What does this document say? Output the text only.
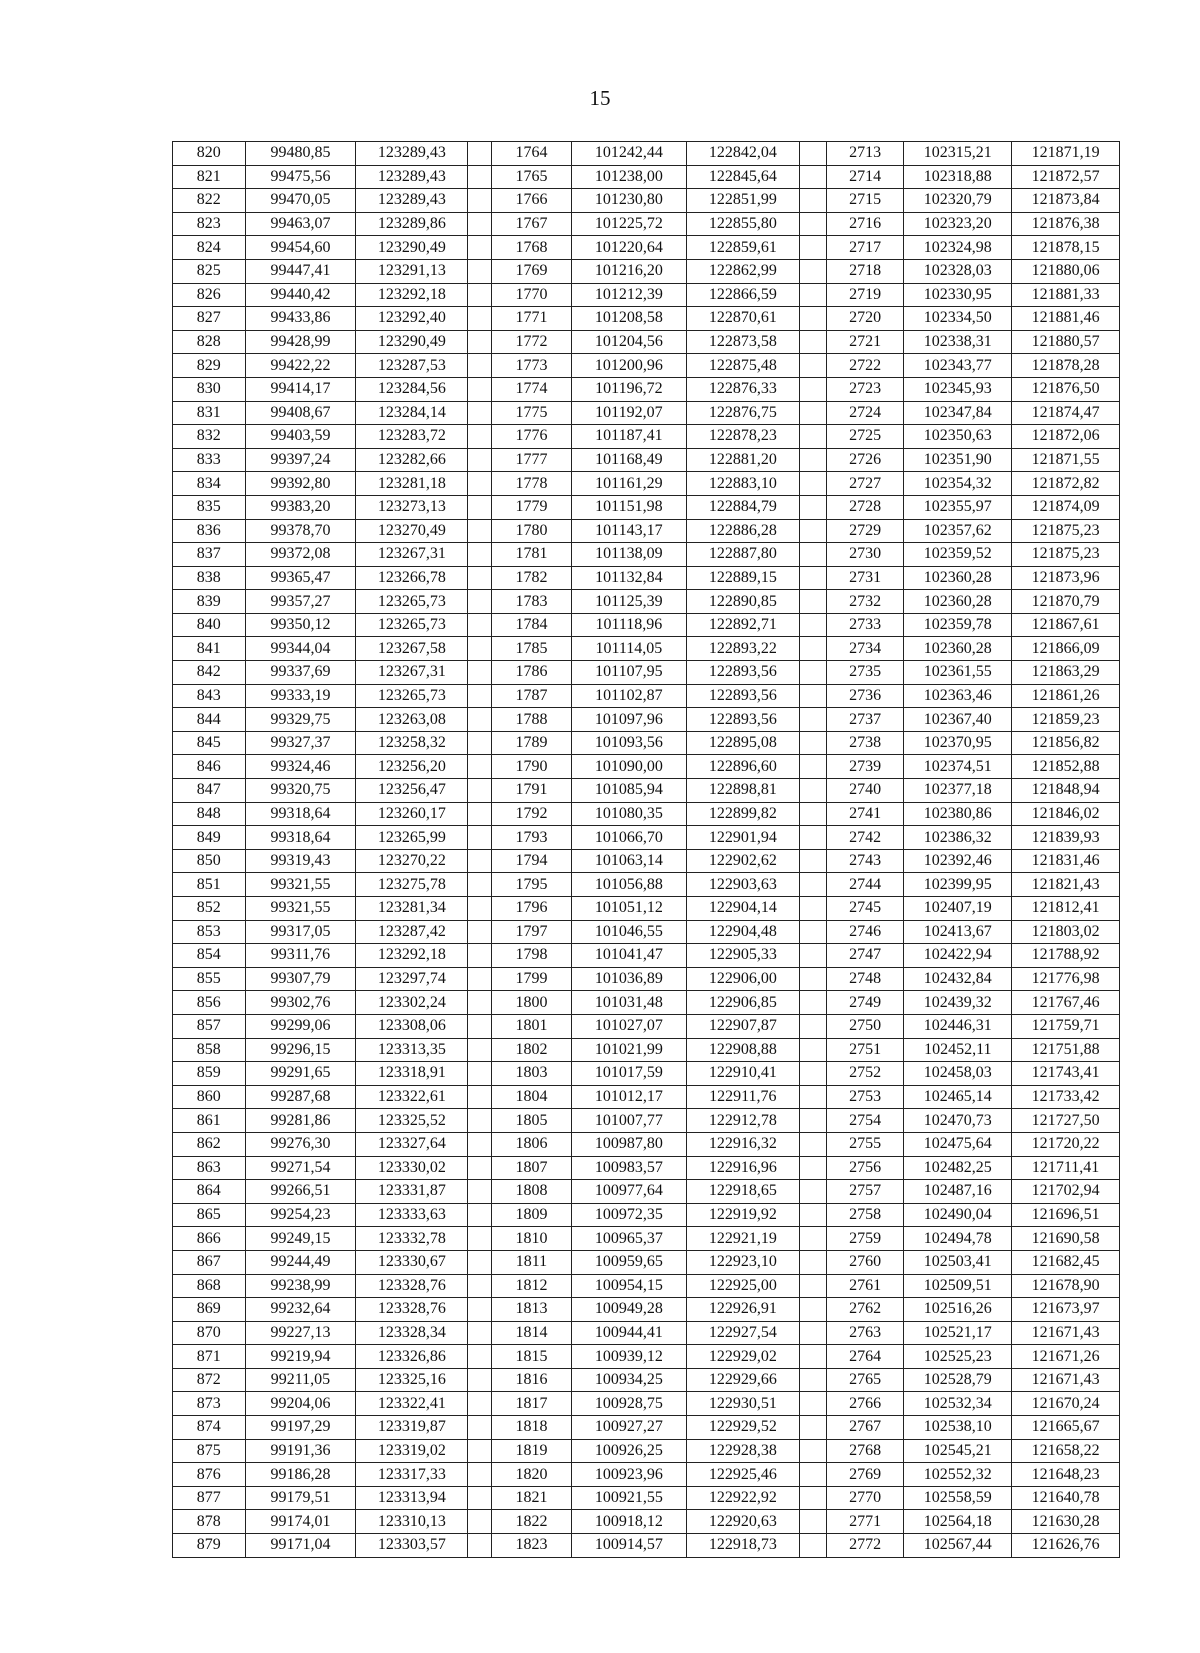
15
820	99480,85	123289,43		1764	101242,44	122842,04		2713	102315,21	121871,19
821	99475,56	123289,43		1765	101238,00	122845,64		2714	102318,88	121872,57
822	99470,05	123289,43		1766	101230,80	122851,99		2715	102320,79	121873,84
823	99463,07	123289,86		1767	101225,72	122855,80		2716	102323,20	121876,38
824	99454,60	123290,49		1768	101220,64	122859,61		2717	102324,98	121878,15
825	99447,41	123291,13		1769	101216,20	122862,99		2718	102328,03	121880,06
826	99440,42	123292,18		1770	101212,39	122866,59		2719	102330,95	121881,33
827	99433,86	123292,40		1771	101208,58	122870,61		2720	102334,50	121881,46
828	99428,99	123290,49		1772	101204,56	122873,58		2721	102338,31	121880,57
829	99422,22	123287,53		1773	101200,96	122875,48		2722	102343,77	121878,28
830	99414,17	123284,56		1774	101196,72	122876,33		2723	102345,93	121876,50
831	99408,67	123284,14		1775	101192,07	122876,75		2724	102347,84	121874,47
832	99403,59	123283,72		1776	101187,41	122878,23		2725	102350,63	121872,06
833	99397,24	123282,66		1777	101168,49	122881,20		2726	102351,90	121871,55
834	99392,80	123281,18		1778	101161,29	122883,10		2727	102354,32	121872,82
835	99383,20	123273,13		1779	101151,98	122884,79		2728	102355,97	121874,09
836	99378,70	123270,49		1780	101143,17	122886,28		2729	102357,62	121875,23
837	99372,08	123267,31		1781	101138,09	122887,80		2730	102359,52	121875,23
838	99365,47	123266,78		1782	101132,84	122889,15		2731	102360,28	121873,96
839	99357,27	123265,73		1783	101125,39	122890,85		2732	102360,28	121870,79
840	99350,12	123265,73		1784	101118,96	122892,71		2733	102359,78	121867,61
841	99344,04	123267,58		1785	101114,05	122893,22		2734	102360,28	121866,09
842	99337,69	123267,31		1786	101107,95	122893,56		2735	102361,55	121863,29
843	99333,19	123265,73		1787	101102,87	122893,56		2736	102363,46	121861,26
844	99329,75	123263,08		1788	101097,96	122893,56		2737	102367,40	121859,23
845	99327,37	123258,32		1789	101093,56	122895,08		2738	102370,95	121856,82
846	99324,46	123256,20		1790	101090,00	122896,60		2739	102374,51	121852,88
847	99320,75	123256,47		1791	101085,94	122898,81		2740	102377,18	121848,94
848	99318,64	123260,17		1792	101080,35	122899,82		2741	102380,86	121846,02
849	99318,64	123265,99		1793	101066,70	122901,94		2742	102386,32	121839,93
850	99319,43	123270,22		1794	101063,14	122902,62		2743	102392,46	121831,46
851	99321,55	123275,78		1795	101056,88	122903,63		2744	102399,95	121821,43
852	99321,55	123281,34		1796	101051,12	122904,14		2745	102407,19	121812,41
853	99317,05	123287,42		1797	101046,55	122904,48		2746	102413,67	121803,02
854	99311,76	123292,18		1798	101041,47	122905,33		2747	102422,94	121788,92
855	99307,79	123297,74		1799	101036,89	122906,00		2748	102432,84	121776,98
856	99302,76	123302,24		1800	101031,48	122906,85		2749	102439,32	121767,46
857	99299,06	123308,06		1801	101027,07	122907,87		2750	102446,31	121759,71
858	99296,15	123313,35		1802	101021,99	122908,88		2751	102452,11	121751,88
859	99291,65	123318,91		1803	101017,59	122910,41		2752	102458,03	121743,41
860	99287,68	123322,61		1804	101012,17	122911,76		2753	102465,14	121733,42
861	99281,86	123325,52		1805	101007,77	122912,78		2754	102470,73	121727,50
862	99276,30	123327,64		1806	100987,80	122916,32		2755	102475,64	121720,22
863	99271,54	123330,02		1807	100983,57	122916,96		2756	102482,25	121711,41
864	99266,51	123331,87		1808	100977,64	122918,65		2757	102487,16	121702,94
865	99254,23	123333,63		1809	100972,35	122919,92		2758	102490,04	121696,51
866	99249,15	123332,78		1810	100965,37	122921,19		2759	102494,78	121690,58
867	99244,49	123330,67		1811	100959,65	122923,10		2760	102503,41	121682,45
868	99238,99	123328,76		1812	100954,15	122925,00		2761	102509,51	121678,90
869	99232,64	123328,76		1813	100949,28	122926,91		2762	102516,26	121673,97
870	99227,13	123328,34		1814	100944,41	122927,54		2763	102521,17	121671,43
871	99219,94	123326,86		1815	100939,12	122929,02		2764	102525,23	121671,26
872	99211,05	123325,16		1816	100934,25	122929,66		2765	102528,79	121671,43
873	99204,06	123322,41		1817	100928,75	122930,51		2766	102532,34	121670,24
874	99197,29	123319,87		1818	100927,27	122929,52		2767	102538,10	121665,67
875	99191,36	123319,02		1819	100926,25	122928,38		2768	102545,21	121658,22
876	99186,28	123317,33		1820	100923,96	122925,46		2769	102552,32	121648,23
877	99179,51	123313,94		1821	100921,55	122922,92		2770	102558,59	121640,78
878	99174,01	123310,13		1822	100918,12	122920,63		2771	102564,18	121630,28
879	99171,04	123303,57		1823	100914,57	122918,73		2772	102567,44	121626,76
